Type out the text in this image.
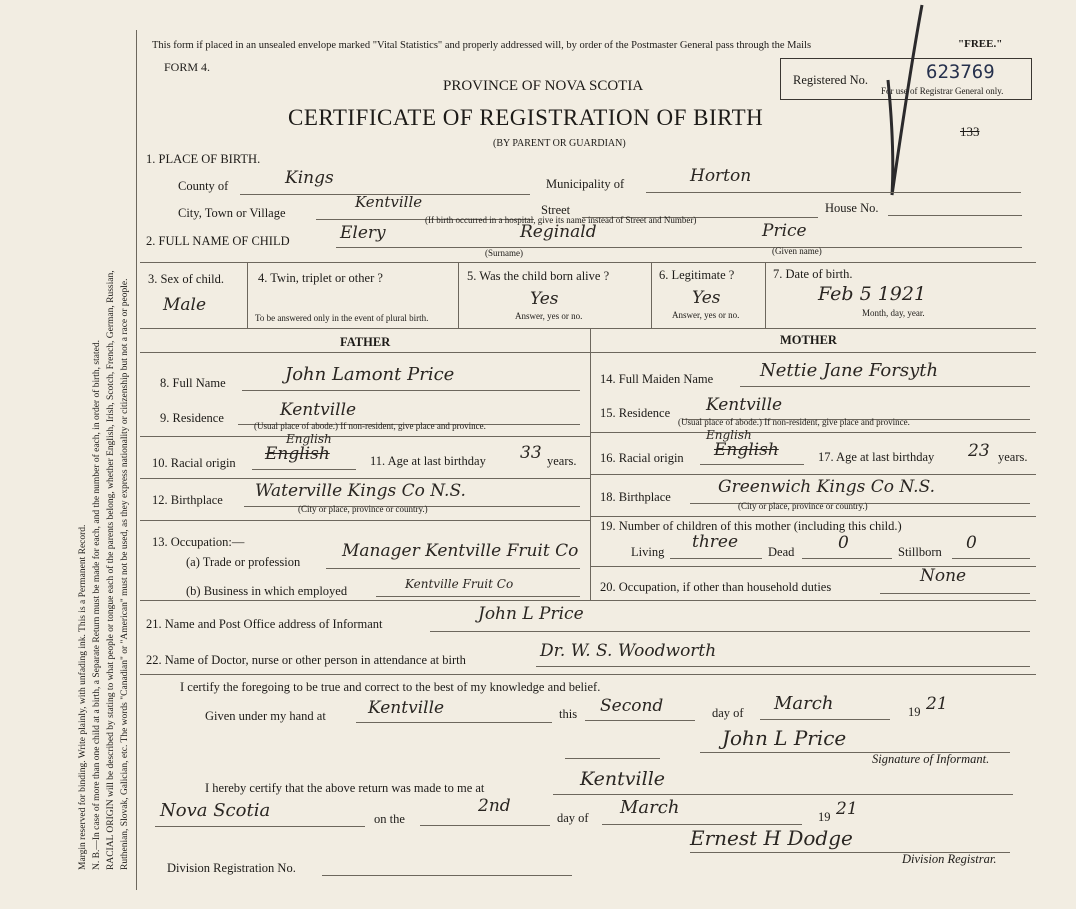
Margin reserved for binding. Write plainly, with unfading ink. This is a Permanent Record. N. B.—In case of more than one child at a birth, a Separate Return must be made for each, and the number of each, in order of birth, stated. RACIAL ORIGIN will be described by stating to what people or tongue each of the parents belong, whether English, Irish, Scotch, French, German, Russian, Ruthenian, Slovak, Galician, etc. The words "Canadian" or "American" must not be used, as they express nationality or citizenship but not a race or people.
This form if placed in an unsealed envelope marked "Vital Statistics" and properly addressed will, by order of the Postmaster General pass through the Mails	"FREE."
FORM 4.
PROVINCE OF NOVA SCOTIA
CERTIFICATE OF REGISTRATION OF BIRTH
(BY PARENT OR GUARDIAN)
Registered No.	623769
For use of Registrar General only.
133
1. PLACE OF BIRTH.
County of	Kings	Municipality of	Horton
City, Town or Village
Kentville	Street	House No.
(If birth occurred in a hospital, give its name instead of Street and Number)
2. FULL NAME OF CHILD	Elery	Reginald	Price
(Surname)	(Given name)
3. Sex of child.
Male
4. Twin, triplet or other ?
To be answered only in the event of plural birth.
5. Was the child born alive ?
Yes
Answer, yes or no.
6. Legitimate ?
Yes
Answer, yes or no.
7. Date of birth.
Feb 5 1921
Month, day, year.
FATHER	MOTHER
8. Full Name	John Lamont Price
9. Residence	Kentville
(Usual place of abode.) If non-resident, give place and province.
10. Racial origin English
English
11. Age at last birthday 33 years.
12. Birthplace Waterville Kings Co N.S.
(City or place, province or country.)
13. Occupation:—
(a) Trade or profession
Manager Kentville Fruit Co
(b) Business in which employed	Kentville Fruit Co
14. Full Maiden Name	Nettie Jane Forsyth
15. Residence Kentville
(Usual place of abode.) If non-resident, give place and province.
16. Racial origin English
English
17. Age at last birthday 23 years.
18. Birthplace	Greenwich Kings Co N.S.
(City or place, province or country.)
19. Number of children of this mother (including this child.)
Living three Dead	0	Stillborn 0
20. Occupation, if other than household duties
None
21. Name and Post Office address of Informant	John L Price
22. Name of Doctor, nurse or other person in attendance at birth	Dr. W. S. Woodworth
I certify the foregoing to be true and correct to the best of my knowledge and belief.
Given under my hand at Kentville	this Second	day of March	19 21
John L Price
Signature of Informant.
I hereby certify that the above return was made to me at	Kentville
Nova Scotia	on the
2nd
day of March	19 21
Ernest H Dodge
Division Registrar.
Division Registration No.
